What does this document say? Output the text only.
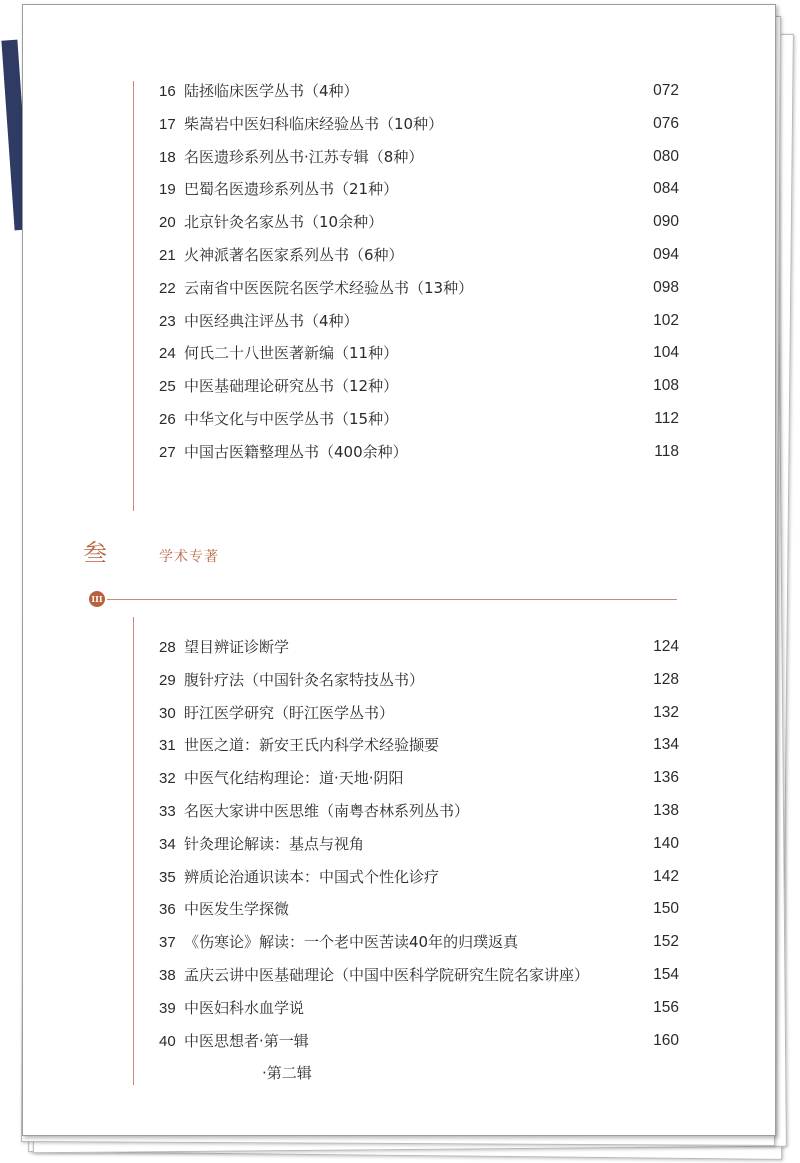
16 陆拯临床医学丛书（4种）	072
17 柴嵩岩中医妇科临床经验丛书（10种）	076
18 名医遗珍系列丛书·江苏专辑（8种）	080
19 巴蜀名医遗珍系列丛书（21种）	084
20 北京针灸名家丛书（10余种）	090
21 火神派著名医家系列丛书（6种）	094
22 云南省中医医院名医学术经验丛书（13种）	098
23 中医经典注评丛书（4种）	102
24 何氏二十八世医著新编（11种）	104
25 中医基础理论研究丛书（12种）	108
26 中华文化与中医学丛书（15种）	112
27 中国古医籍整理丛书（400余种）	118
叁	学术专著
III
28 望目辨证诊断学	124
29 腹针疗法（中国针灸名家特技丛书）	128
30 盱江医学研究（盱江医学丛书）	132
31 世医之道：新安王氏内科学术经验撷要	134
32 中医气化结构理论：道·天地·阴阳	136
33 名医大家讲中医思维（南粤杏林系列丛书）	138
34 针灸理论解读：基点与视角	140
35 辨质论治通识读本：中国式个性化诊疗	142
36 中医发生学探微	150
37 《伤寒论》解读：一个老中医苦读40年的归璞返真	152
38 孟庆云讲中医基础理论（中国中医科学院研究生院名家讲座）	154
39 中医妇科水血学说	156
40 中医思想者·第一辑	160
·第二辑
